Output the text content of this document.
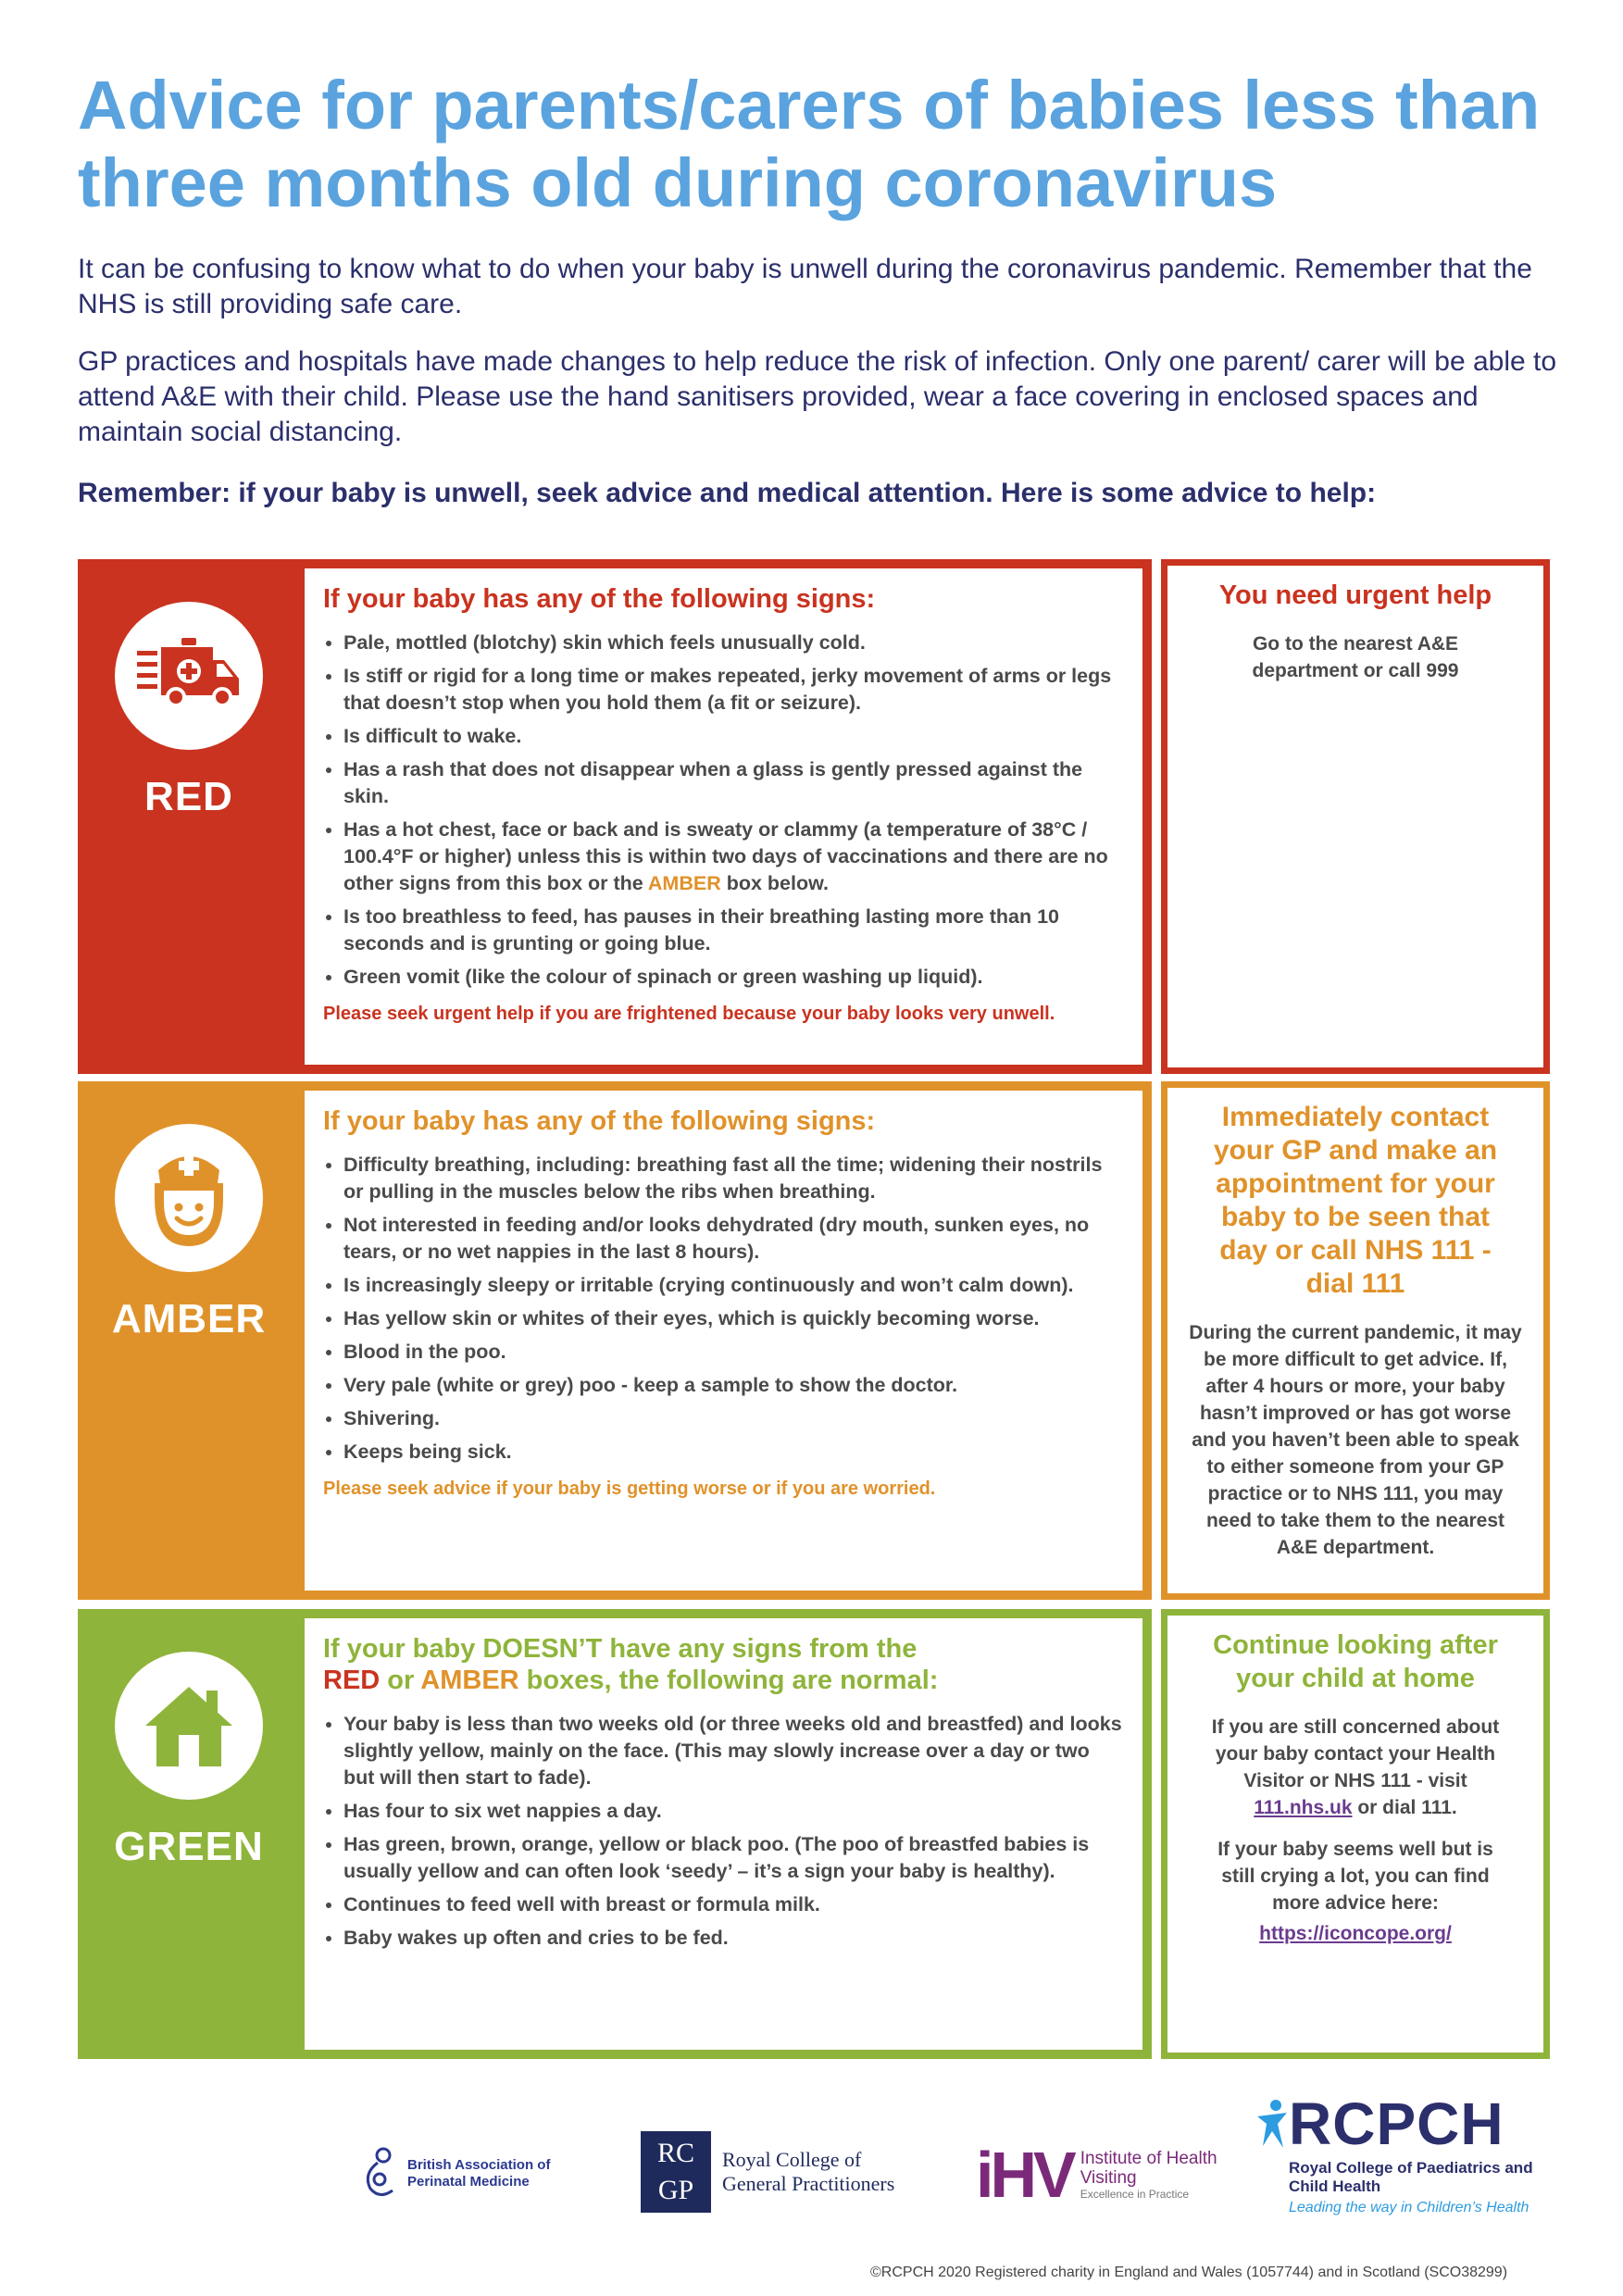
Advice for parents/carers of babies less than three months old during coronavirus

It can be confusing to know what to do when your baby is unwell during the coronavirus pandemic. Remember that the NHS is still providing safe care.

GP practices and hospitals have made changes to help reduce the risk of infection. Only one parent/ carer will be able to attend A&E with their child. Please use the hand sanitisers provided, wear a face covering in enclosed spaces and maintain social distancing.

Remember: if your baby is unwell, seek advice and medical attention. Here is some advice to help:

RED

If your baby has any of the following signs:

• Pale, mottled (blotchy) skin which feels unusually cold.
• Is stiff or rigid for a long time or makes repeated, jerky movement of arms or legs that doesn’t stop when you hold them (a fit or seizure).
• Is difficult to wake.
• Has a rash that does not disappear when a glass is gently pressed against the skin.
• Has a hot chest, face or back and is sweaty or clammy (a temperature of 38°C / 100.4°F or higher) unless this is within two days of vaccinations and there are no other signs from this box or the AMBER box below.
• Is too breathless to feed, has pauses in their breathing lasting more than 10 seconds and is grunting or going blue.
• Green vomit (like the colour of spinach or green washing up liquid).

Please seek urgent help if you are frightened because your baby looks very unwell.

You need urgent help

Go to the nearest A&E department or call 999

AMBER

If your baby has any of the following signs:

• Difficulty breathing, including: breathing fast all the time; widening their nostrils or pulling in the muscles below the ribs when breathing.
• Not interested in feeding and/or looks dehydrated (dry mouth, sunken eyes, no tears, or no wet nappies in the last 8 hours).
• Is increasingly sleepy or irritable (crying continuously and won’t calm down).
• Has yellow skin or whites of their eyes, which is quickly becoming worse.
• Blood in the poo.
• Very pale (white or grey) poo - keep a sample to show the doctor.
• Shivering.
• Keeps being sick.

Please seek advice if your baby is getting worse or if you are worried.

Immediately contact your GP and make an appointment for your baby to be seen that day or call NHS 111 - dial 111

During the current pandemic, it may be more difficult to get advice. If, after 4 hours or more, your baby hasn’t improved or has got worse and you haven’t been able to speak to either someone from your GP practice or to NHS 111, you may need to take them to the nearest A&E department.

GREEN

If your baby DOESN’T have any signs from the
RED or AMBER boxes, the following are normal:

• Your baby is less than two weeks old (or three weeks old and breastfed) and looks slightly yellow, mainly on the face. (This may slowly increase over a day or two but will then start to fade).
• Has four to six wet nappies a day.
• Has green, brown, orange, yellow or black poo. (The poo of breastfed babies is usually yellow and can often look ‘seedy’ – it’s a sign your baby is healthy).
• Continues to feed well with breast or formula milk.
• Baby wakes up often and cries to be fed.

Continue looking after your child at home

If you are still concerned about your baby contact your Health Visitor or NHS 111 - visit 111.nhs.uk or dial 111.

If your baby seems well but is still crying a lot, you can find more advice here:

https://iconcope.org/

British Association of Perinatal Medicine
RC GP
Royal College of General Practitioners	iHV Institute of Health Visiting
Excellence in Practice
RCPCH
Royal College of Paediatrics and Child Health
Leading the way in Children’s Health

©RCPCH 2020 Registered charity in England and Wales (1057744) and in Scotland (SCO38299)
